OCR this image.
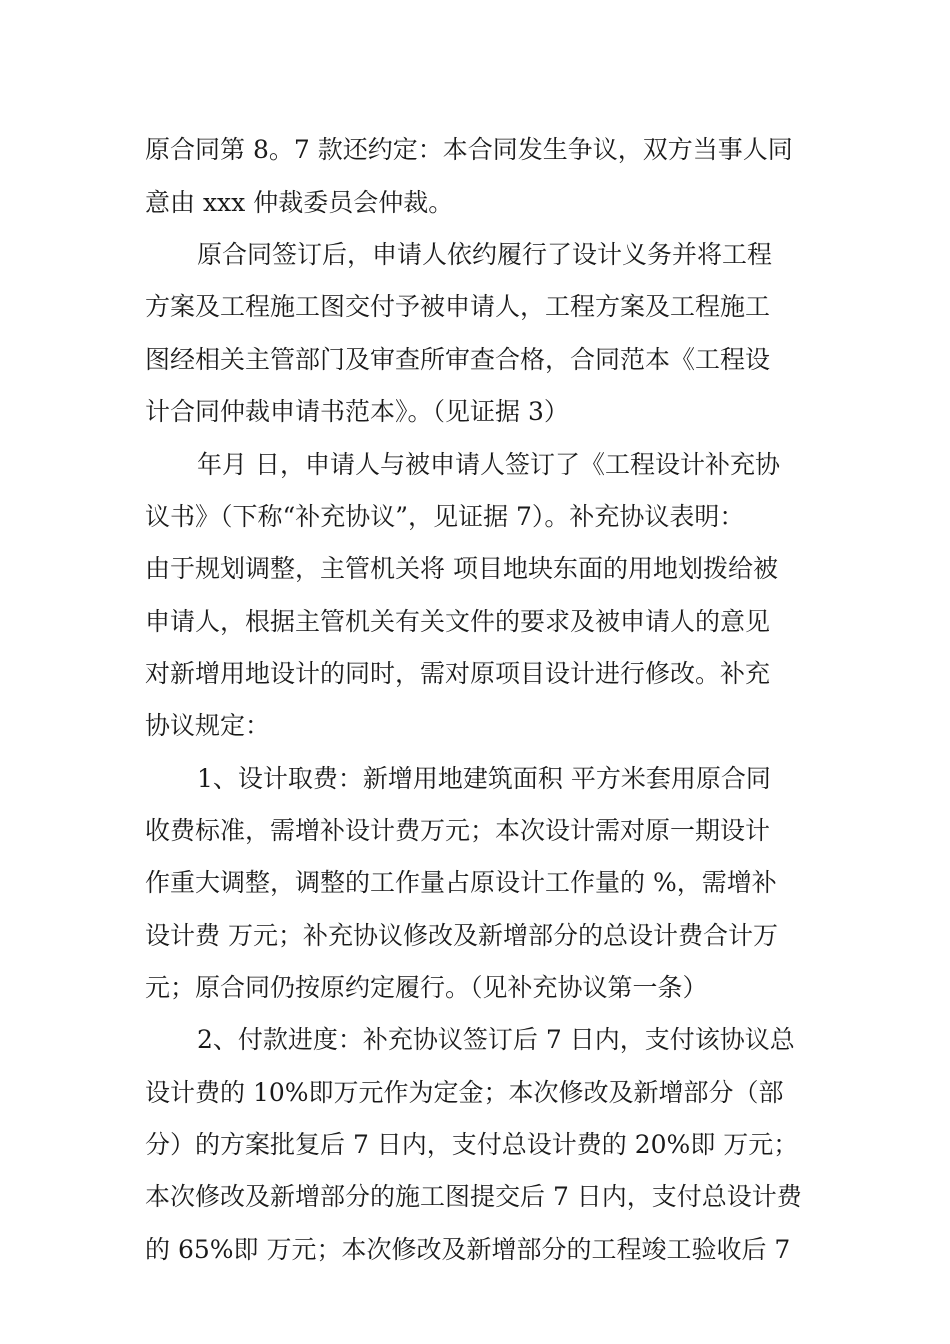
原合同第 8。7 款还约定：本合同发生争议，双方当事人同
意由 xxx 仲裁委员会仲裁。
原合同签订后，申请人依约履行了设计义务并将工程
方案及工程施工图交付予被申请人，工程方案及工程施工
图经相关主管部门及审查所审查合格，合同范本《工程设
计合同仲裁申请书范本》。（见证据 3）
年月 日，申请人与被申请人签订了《工程设计补充协
议书》（下称“补充协议”，见证据 7）。补充协议表明：
由于规划调整，主管机关将 项目地块东面的用地划拨给被
申请人，根据主管机关有关文件的要求及被申请人的意见
对新增用地设计的同时，需对原项目设计进行修改。补充
协议规定：
1、设计取费：新增用地建筑面积 平方米套用原合同
收费标准，需增补设计费万元；本次设计需对原一期设计
作重大调整，调整的工作量占原设计工作量的 %，需增补
设计费 万元；补充协议修改及新增部分的总设计费合计万
元；原合同仍按原约定履行。（见补充协议第一条）
2、付款进度：补充协议签订后 7 日内，支付该协议总
设计费的 10%即万元作为定金；本次修改及新增部分（部
分）的方案批复后 7 日内，支付总设计费的 20%即 万元；
本次修改及新增部分的施工图提交后 7 日内，支付总设计费
的 65%即 万元；本次修改及新增部分的工程竣工验收后 7
